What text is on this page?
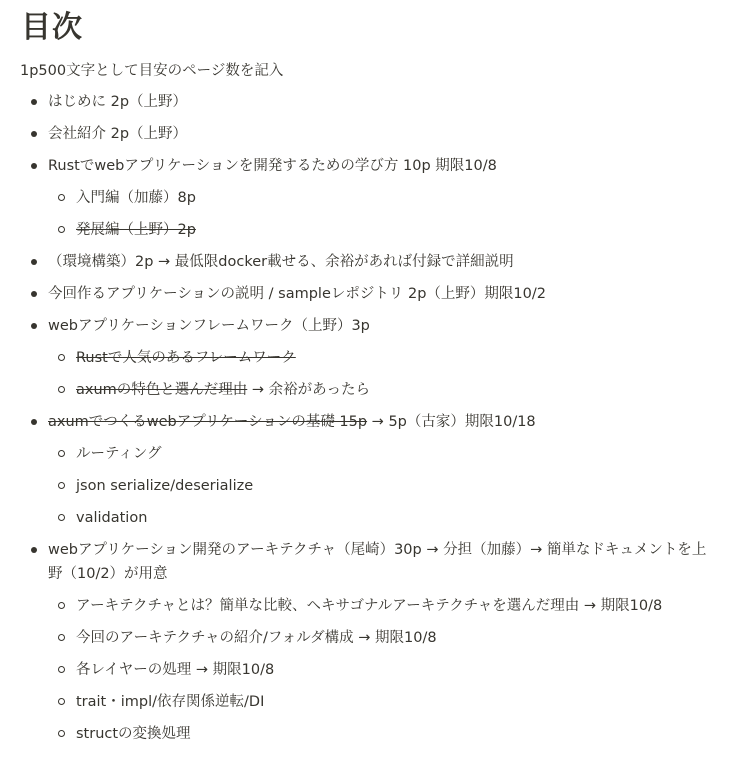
目次
1p500文字として目安のページ数を記入
はじめに 2p（上野）
会社紹介 2p（上野）
Rustでwebアプリケーションを開発するための学び方 10p 期限10/8
入門編（加藤）8p
発展編（上野）2p
（環境構築）2p → 最低限docker載せる、余裕があれば付録で詳細説明
今回作るアプリケーションの説明 / sampleレポジトリ 2p（上野）期限10/2
webアプリケーションフレームワーク（上野）3p
Rustで人気のあるフレームワーク
axumの特色と選んだ理由 → 余裕があったら
axumでつくるwebアプリケーションの基礎 15p → 5p（古家）期限10/18
ルーティング
json serialize/deserialize
validation
webアプリケーション開発のアーキテクチャ（尾崎）30p → 分担（加藤）→ 簡単なドキュメントを上野（10/2）が用意
アーキテクチャとは？簡単な比較、ヘキサゴナルアーキテクチャを選んだ理由 → 期限10/8
今回のアーキテクチャの紹介/フォルダ構成 → 期限10/8
各レイヤーの処理 → 期限10/8
trait・impl/依存関係逆転/DI
structの変換処理
